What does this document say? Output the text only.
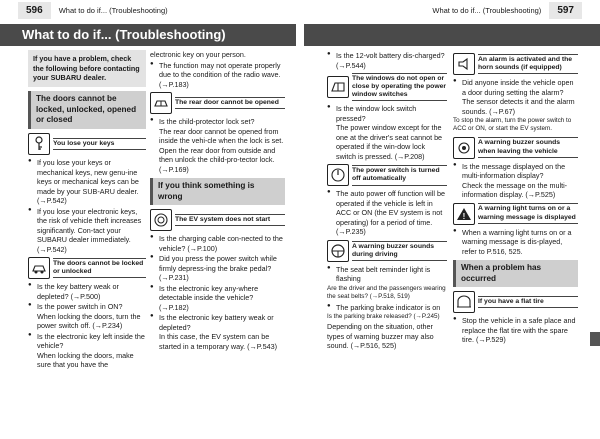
596	What to do if... (Troubleshooting)	What to do if... (Troubleshooting)	597
What to do if... (Troubleshooting)
If you have a problem, check the following before contacting your SUBARU dealer.
The doors cannot be locked, unlocked, opened or closed
You lose your keys
● If you lose your keys or mechanical keys, new genu-ine keys or mechanical keys can be made by your SUB-ARU dealer. (→P.542)
● If you lose your electronic keys, the risk of vehicle theft increases significantly. Con-tact your SUBARU dealer immediately. (→P.542)
The doors cannot be locked or unlocked
● Is the key battery weak or depleted? (→P.500)
● Is the power switch in ON?
When locking the doors, turn the power switch off. (→P.234)
● Is the electronic key left inside the vehicle?
When locking the doors, make sure that you have the
electronic key on your person.
● The function may not operate properly due to the condition of the radio wave. (→P.183)
The rear door cannot be opened
● Is the child-protector lock set?
The rear door cannot be opened from inside the vehi-cle when the lock is set. Open the rear door from outside and then unlock the child-pro-tector lock. (→P.169)
If you think something is wrong
The EV system does not start
● Is the charging cable con-nected to the vehicle? (→P.100)
● Did you press the power switch while firmly depress-ing the brake pedal? (→P.231)
● Is the electronic key any-where detectable inside the vehicle? (→P.182)
● Is the electronic key battery weak or depleted?
In this case, the EV system can be started in a temporary way. (→P.543)
● Is the 12-volt battery dis-charged? (→P.544)
The windows do not open or close by operating the power window switches
● Is the window lock switch pressed?
The power window except for the one at the driver's seat cannot be operated if the win-dow lock switch is pressed. (→P.208)
The power switch is turned off automatically
● The auto power off function will be operated if the vehicle is left in ACC or ON (the EV system is not operating) for a period of time. (→P.235)
A warning buzzer sounds during driving
● The seat belt reminder light is flashing
Are the driver and the passengers wearing the seat belts? (→P.518, 519)
● The parking brake indicator is on
Is the parking brake released? (→P.245)
Depending on the situation, other types of warning buzzer may also sound. (→P.516, 525)
An alarm is activated and the horn sounds (if equipped)
● Did anyone inside the vehicle open a door during setting the alarm?
The sensor detects it and the alarm sounds. (→P.67)
To stop the alarm, turn the power switch to ACC or ON, or start the EV system.
A warning buzzer sounds when leaving the vehicle
● Is the message displayed on the multi-information display?
Check the message on the multi-information display. (→P.525)
!
A warning light turns on or a warning message is displayed
● When a warning light turns on or a warning message is dis-played, refer to P.516, 525.
When a problem has occurred
If you have a flat tire
● Stop the vehicle in a safe place and replace the flat tire with the spare tire. (→P.529)
